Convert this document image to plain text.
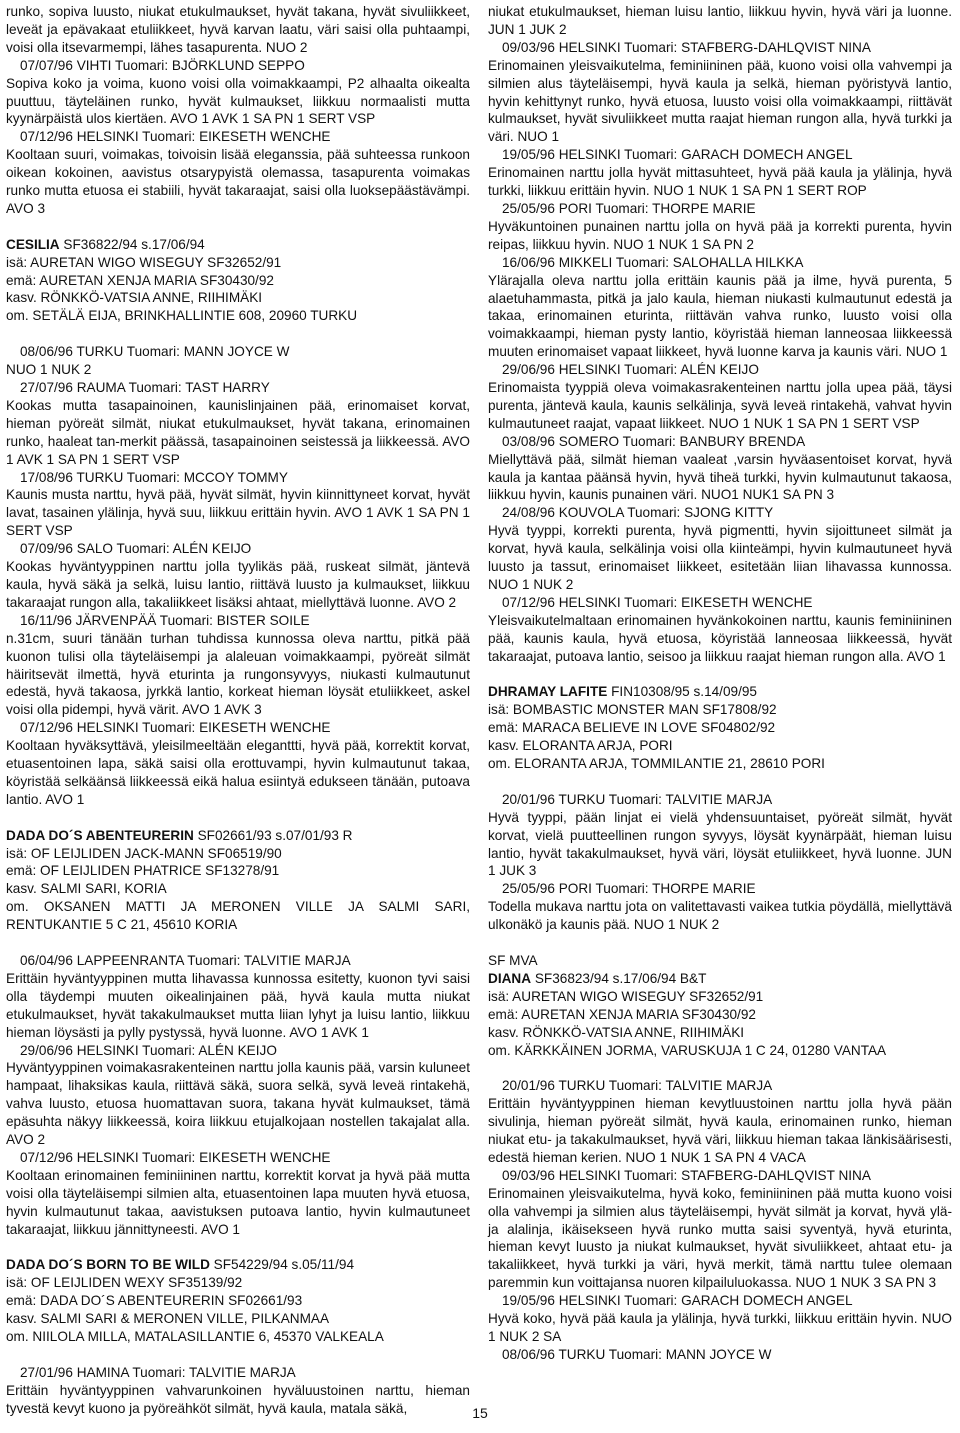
runko, sopiva luusto, niukat etukulmaukset, hyvät takana, hyvät sivuliikkeet, leveät ja epävakaat etuliikkeet, hyvä karvan laatu, väri saisi olla puhtaampi, voisi olla itsevarmempi, lähes tasapurenta. NUO 2

07/07/96 VIHTI Tuomari: BJÖRKLUND SEPPO

Sopiva koko ja voima, kuono voisi olla voimakkaampi, P2 alhaalta oikealta puuttuu, täyteläinen runko, hyvät kulmaukset, liikkuu normaalisti mutta kyynärpäistä ulos kiertäen. AVO 1 AVK 1 SA PN 1 SERT VSP

07/12/96 HELSINKI Tuomari: EIKESETH WENCHE

Kooltaan suuri, voimakas, toivoisin lisää eleganssia, pää suhteessa runkoon oikean kokoinen, aavistus otsarypyistä olemassa, tasapurenta voimakas runko mutta etuosa ei stabiili, hyvät takaraajat, saisi olla luoksepäästävämpi. AVO 3

CESILIA SF36822/94 s.17/06/94

isä: AURETAN WIGO WISEGUY SF32652/91

emä: AURETAN XENJA MARIA SF30430/92

kasv. RÖNKKÖ-VATSIA ANNE, RIIHIMÄKI

om. SETÄLÄ EIJA, BRINKHALLINTIE 608, 20960 TURKU

08/06/96 TURKU Tuomari: MANN JOYCE W

NUO 1 NUK 2

27/07/96 RAUMA Tuomari: TAST HARRY

Kookas mutta tasapainoinen, kaunislinjainen pää, erinomaiset korvat, hieman pyöreät silmät, niukat etukulmaukset, hyvät takana, erinomainen runko, haaleat tan-merkit päässä, tasapainoinen seistessä ja liikkeessä. AVO 1 AVK 1 SA PN 1 SERT VSP

17/08/96 TURKU Tuomari: MCCOY TOMMY

Kaunis musta narttu, hyvä pää, hyvät silmät, hyvin kiinnittyneet korvat, hyvät lavat, tasainen ylälinja, hyvä suu, liikkuu erittäin hyvin. AVO 1 AVK 1 SA PN 1 SERT VSP

07/09/96 SALO Tuomari: ALÉN KEIJO

Kookas hyväntyyppinen narttu jolla tyylikäs pää, ruskeat silmät, jäntevä kaula, hyvä säkä ja selkä, luisu lantio, riittävä luusto ja kulmaukset, liikkuu takaraajat rungon alla, takaliikkeet lisäksi ahtaat, miellyttävä luonne. AVO 2

16/11/96 JÄRVENPÄÄ Tuomari: BISTER SOILE

n.31cm, suuri tänään turhan tuhdissa kunnossa oleva narttu, pitkä pää kuonon tulisi olla täyteläisempi ja alaleuan voimakkaampi, pyöreät silmät häiritsevät ilmettä, hyvä eturinta ja rungonsyvyys, niukasti kulmautunut edestä, hyvä takaosa, jyrkkä lantio, korkeat hieman löysät etuliikkeet, askel voisi olla pidempi, hyvä värit. AVO 1 AVK 3

07/12/96 HELSINKI Tuomari: EIKESETH WENCHE

Kooltaan hyväksyttävä, yleisilmeeltään eleganttti, hyvä pää, korrektit korvat, etuasentoinen lapa, säkä saisi olla erottuvampi, hyvin kulmautunut takaa, köyristää selkäänsä liikkeessä eikä halua esiintyä edukseen tänään, putoava lantio. AVO 1

DADA DO´S ABENTEURERIN SF02661/93 s.07/01/93 R

isä: OF LEIJLIDEN JACK-MANN SF06519/90

emä: OF LEIJLIDEN PHATRICE SF13278/91

kasv. SALMI SARI, KORIA

om. OKSANEN MATTI JA MERONEN VILLE JA SALMI SARI, RENTUKANTIE 5 C 21, 45610 KORIA

06/04/96 LAPPEENRANTA Tuomari: TALVITIE MARJA

Erittäin hyväntyyppinen mutta lihavassa kunnossa esitetty, kuonon tyvi saisi olla täydempi muuten oikealinjainen pää, hyvä kaula mutta niukat etukulmaukset, hyvät takakulmaukset mutta liian lyhyt ja luisu lantio, liikkuu hieman löysästi ja pylly pystyssä, hyvä luonne. AVO 1 AVK 1

29/06/96 HELSINKI Tuomari: ALÉN KEIJO

Hyväntyyppinen voimakasrakenteinen narttu jolla kaunis pää, varsin kuluneet hampaat, lihaksikas kaula, riittävä säkä, suora selkä, syvä leveä rintakehä, vahva luusto, etuosa huomattavan suora, takana hyvät kulmaukset, tämä epäsuhta näkyy liikkeessä, koira liikkuu etujalkojaan nostellen takajalat alla. AVO 2

07/12/96 HELSINKI Tuomari: EIKESETH WENCHE

Kooltaan erinomainen feminiininen narttu, korrektit korvat ja hyvä pää mutta voisi olla täyteläisempi silmien alta, etuasentoinen lapa muuten hyvä etuosa, hyvin kulmautunut takaa, aavistuksen putoava lantio, hyvin kulmautuneet takaraajat, liikkuu jännittyneesti. AVO 1

DADA DO´S BORN TO BE WILD SF54229/94 s.05/11/94

isä: OF LEIJLIDEN WEXY SF35139/92

emä: DADA DO´S ABENTEURERIN SF02661/93

kasv. SALMI SARI & MERONEN VILLE, PILKANMAA

om. NIILOLA MILLA, MATALASILLANTIE 6, 45370 VALKEALA

27/01/96 HAMINA Tuomari: TALVITIE MARJA

Erittäin hyväntyyppinen vahvarunkoinen hyväluustoinen narttu, hieman tyvestä kevyt kuono ja pyöreähköt silmät, hyvä kaula, matala säkä,

niukat etukulmaukset, hieman luisu lantio, liikkuu hyvin, hyvä väri ja luonne. JUN 1 JUK 2

09/03/96 HELSINKI Tuomari: STAFBERG-DAHLQVIST NINA

Erinomainen yleisvaikutelma, feminiininen pää, kuono voisi olla vahvempi ja silmien alus täyteläisempi, hyvä kaula ja selkä, hieman pyöristyvä lantio, hyvin kehittynyt runko, hyvä etuosa, luusto voisi olla voimakkaampi, riittävät kulmaukset, hyvät sivuliikkeet mutta raajat hieman rungon alla, hyvä turkki ja väri. NUO 1

19/05/96 HELSINKI Tuomari: GARACH DOMECH ANGEL

Erinomainen narttu jolla hyvät mittasuhteet, hyvä pää kaula ja ylälinja, hyvä turkki, liikkuu erittäin hyvin. NUO 1 NUK 1 SA PN 1 SERT ROP

25/05/96 PORI Tuomari: THORPE MARIE

Hyväkuntoinen punainen narttu jolla on hyvä pää ja korrekti purenta, hyvin reipas, liikkuu hyvin. NUO 1 NUK 1 SA PN 2

16/06/96 MIKKELI Tuomari: SALOHALLA HILKKA

Ylärajalla oleva narttu jolla erittäin kaunis pää ja ilme, hyvä purenta, 5 alaetuhammasta, pitkä ja jalo kaula, hieman niukasti kulmautunut edestä ja takaa, erinomainen eturinta, riittävän vahva runko, luusto voisi olla voimakkaampi, hieman pysty lantio, köyristää hieman lanneosaa liikkeessä muuten erinomaiset vapaat liikkeet, hyvä luonne karva ja kaunis väri. NUO 1

29/06/96 HELSINKI Tuomari: ALÉN KEIJO

Erinomaista tyyppiä oleva voimakasrakenteinen narttu jolla upea pää, täysi purenta, jäntevä kaula, kaunis selkälinja, syvä leveä rintakehä, vahvat hyvin kulmautuneet raajat, vapaat liikkeet. NUO 1 NUK 1 SA PN 1 SERT VSP

03/08/96 SOMERO Tuomari: BANBURY BRENDA

Miellyttävä pää, silmät hieman vaaleat ,varsin hyväasentoiset korvat, hyvä kaula ja kantaa päänsä hyvin, hyvä tiheä turkki, hyvin kulmautunut takaosa, liikkuu hyvin, kaunis punainen väri. NUO1 NUK1 SA PN 3

24/08/96 KOUVOLA Tuomari: SJONG KITTY

Hyvä tyyppi, korrekti purenta, hyvä pigmentti, hyvin sijoittuneet silmät ja korvat, hyvä kaula, selkälinja voisi olla kiinteämpi, hyvin kulmautuneet hyvä luusto ja tassut, erinomaiset liikkeet, esitetään liian lihavassa kunnossa. NUO 1 NUK 2

07/12/96 HELSINKI Tuomari: EIKESETH WENCHE

Yleisvaikutelmaltaan erinomainen hyvänkokoinen narttu, kaunis feminiininen pää, kaunis kaula, hyvä etuosa, köyristää lanneosaa liikkeessä, hyvät takaraajat, putoava lantio, seisoo ja liikkuu raajat hieman rungon alla. AVO 1

DHRAMAY LAFITE FIN10308/95 s.14/09/95

isä: BOMBASTIC MONSTER MAN SF17808/92

emä: MARACA BELIEVE IN LOVE SF04802/92

kasv. ELORANTA ARJA, PORI

om. ELORANTA ARJA, TOMMILANTIE 21, 28610 PORI

20/01/96 TURKU Tuomari: TALVITIE MARJA

Hyvä tyyppi, pään linjat ei vielä yhdensuuntaiset, pyöreät silmät, hyvät korvat, vielä puutteellinen rungon syvyys, löysät kyynärpäät, hieman luisu lantio, hyvät takakulmaukset, hyvä väri, löysät etuliikkeet, hyvä luonne. JUN 1 JUK 3

25/05/96 PORI Tuomari: THORPE MARIE

Todella mukava narttu jota on valitettavasti vaikea tutkia pöydällä, miellyttävä ulkonäkö ja kaunis pää. NUO 1 NUK 2

SF MVA

DIANA SF36823/94 s.17/06/94 B&T

isä: AURETAN WIGO WISEGUY SF32652/91

emä: AURETAN XENJA MARIA SF30430/92

kasv. RÖNKKÖ-VATSIA ANNE, RIIHIMÄKI

om. KÄRKKÄINEN JORMA, VARUSKUJA 1 C 24, 01280 VANTAA

20/01/96 TURKU Tuomari: TALVITIE MARJA

Erittäin hyväntyyppinen hieman kevytluustoinen narttu jolla hyvä pään sivulinja, hieman pyöreät silmät, hyvä kaula, erinomainen runko, hieman niukat etu- ja takakulmaukset, hyvä väri, liikkuu hieman takaa länkisäärisesti, edestä hieman kerien. NUO 1 NUK 1 SA PN 4 VACA

09/03/96 HELSINKI Tuomari: STAFBERG-DAHLQVIST NINA

Erinomainen yleisvaikutelma, hyvä koko, feminiininen pää mutta kuono voisi olla vahvempi ja silmien alus täyteläisempi, hyvät silmät ja korvat, hyvä ylä- ja alalinja, ikäisekseen hyvä runko mutta saisi syventyä, hyvä eturinta, hieman kevyt luusto ja niukat kulmaukset, hyvät sivuliikkeet, ahtaat etu- ja takaliikkeet, hyvä turkki ja väri, hyvä merkit, tämä narttu tulee olemaan paremmin kun voittajansa nuoren kilpailuluokassa. NUO 1 NUK 3 SA PN 3

19/05/96 HELSINKI Tuomari: GARACH DOMECH ANGEL

Hyvä koko, hyvä pää kaula ja ylälinja, hyvä turkki, liikkuu erittäin hyvin. NUO 1 NUK 2 SA

08/06/96 TURKU Tuomari: MANN JOYCE W

15
